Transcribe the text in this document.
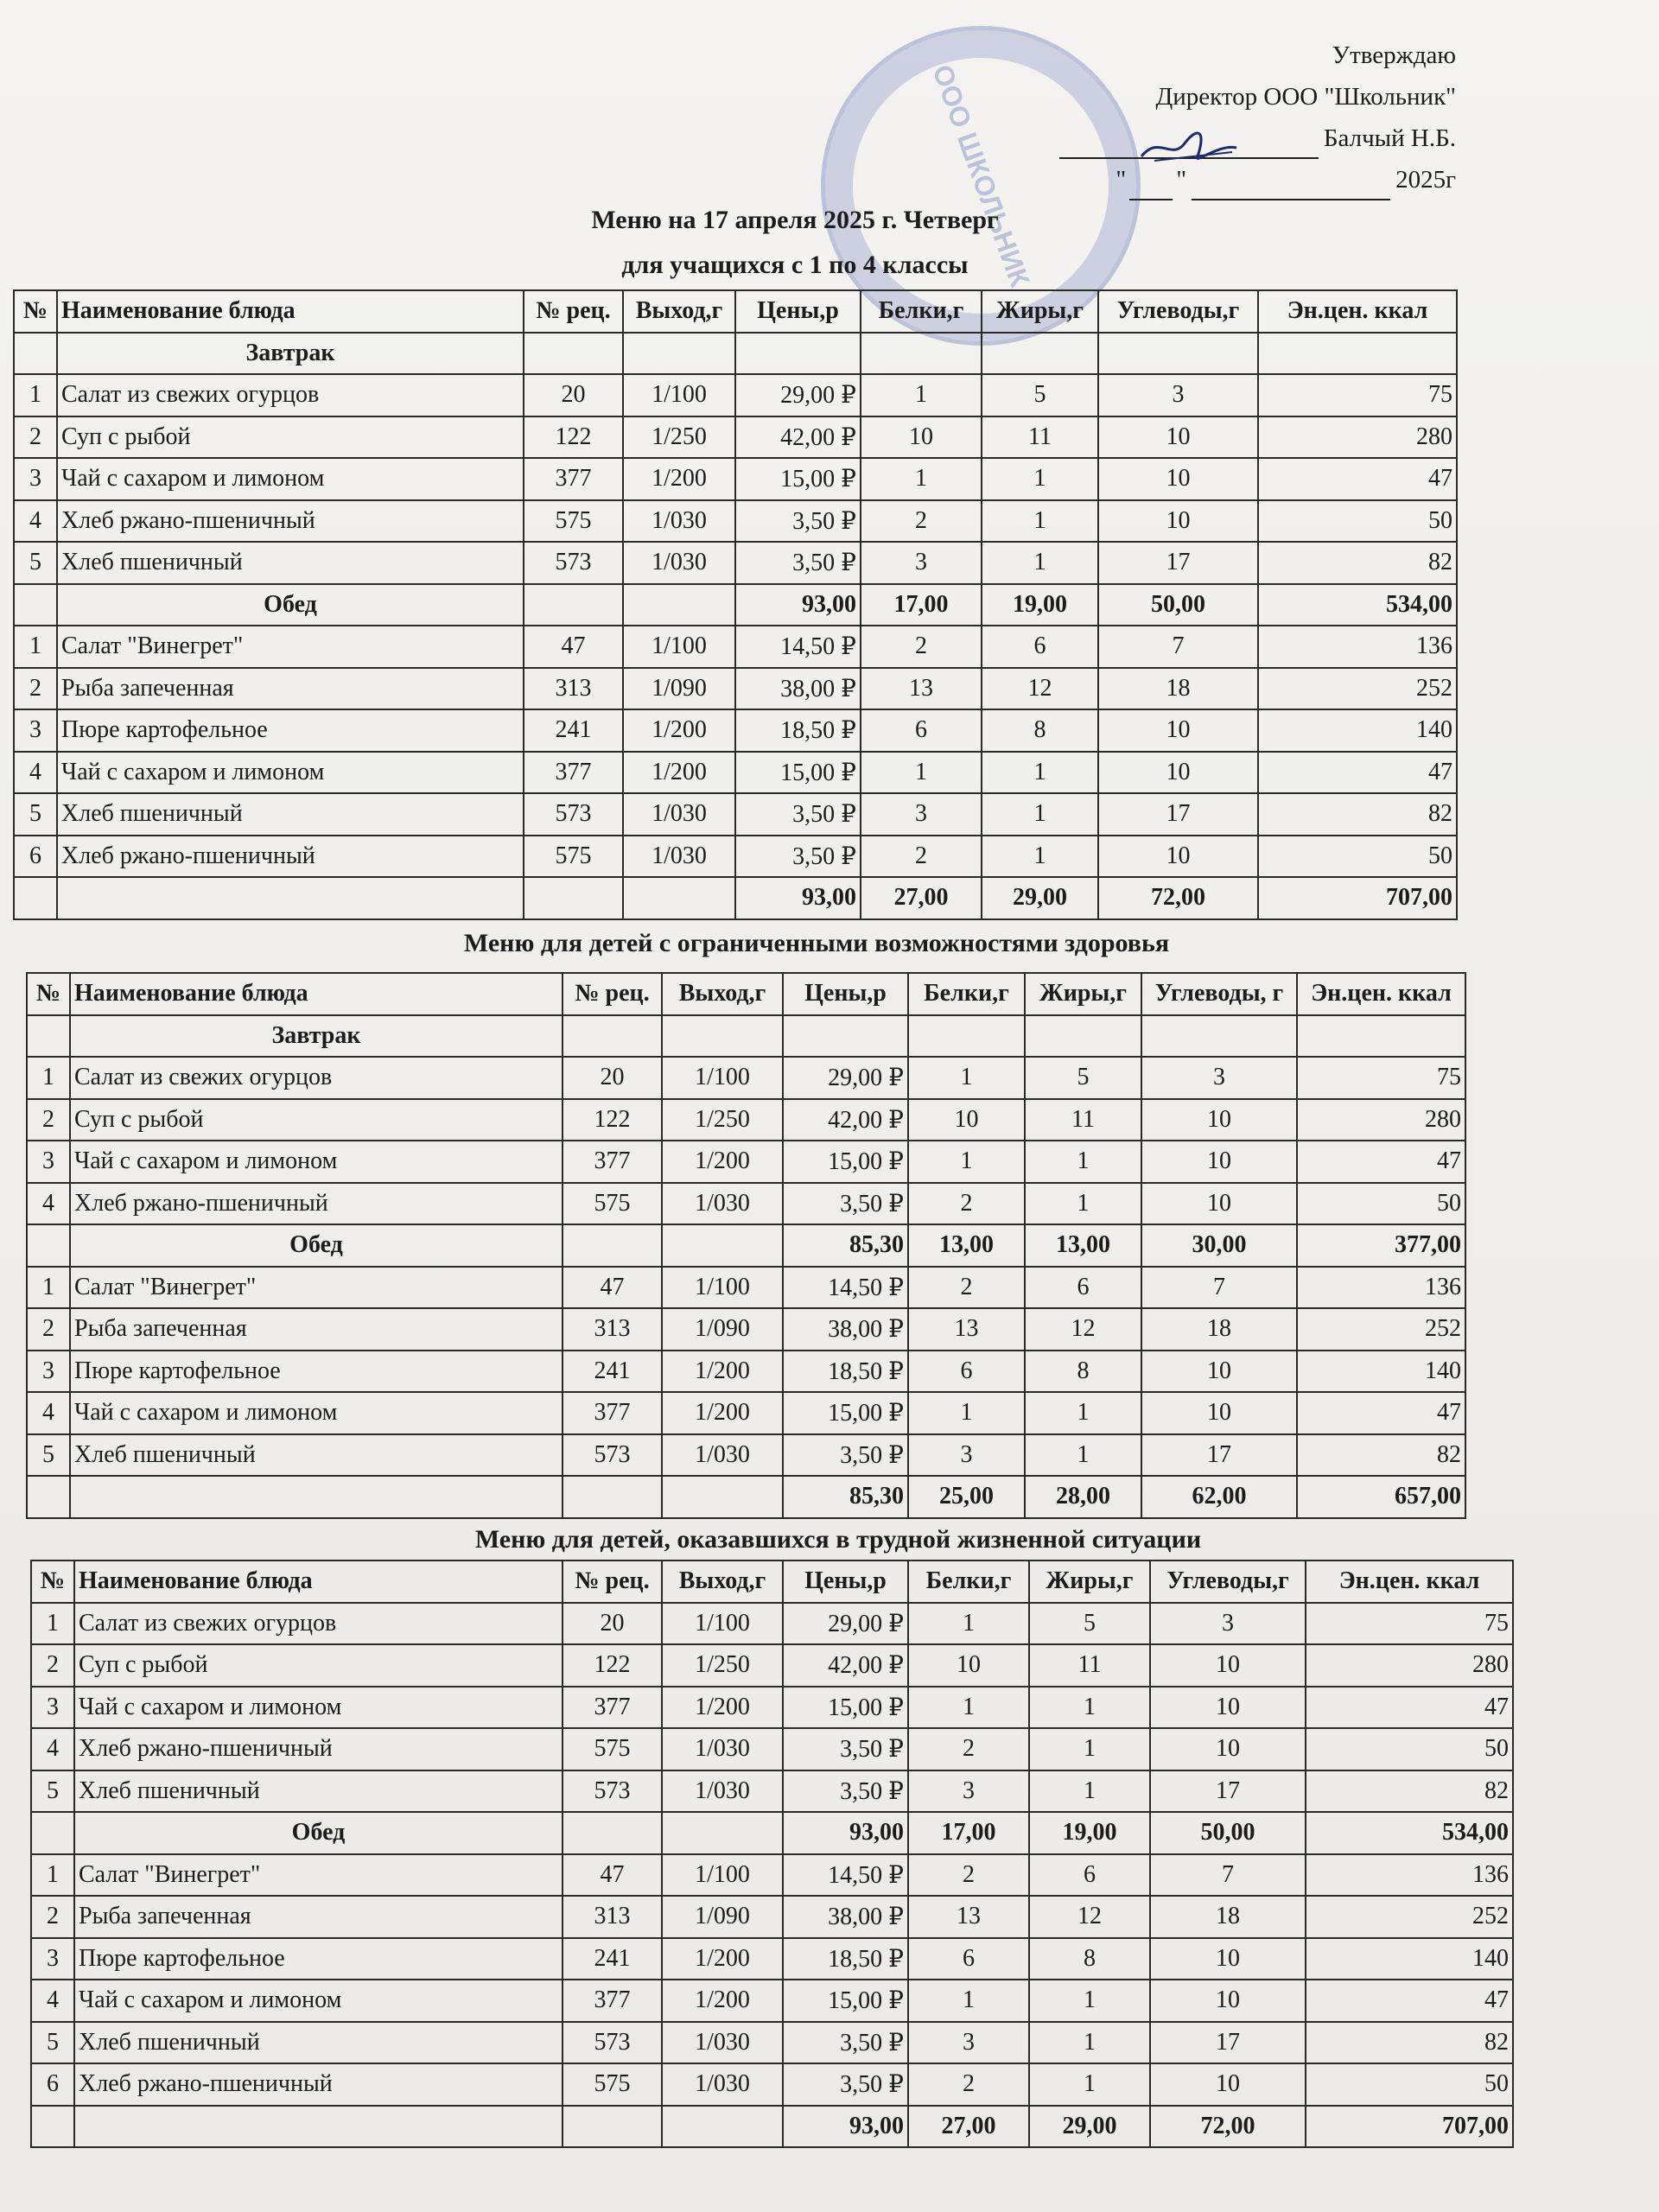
ООО ШКОЛЬНИК
Утверждаю
Директор ООО "Школьник"
Балчый Н.Б.
" "	2025г
Меню на 17 апреля 2025 г. Четверг
для учащихся с 1 по 4 классы
№	Наименование блюда	№ рец.	Выход,г	Цены,р	Белки,г	Жиры,г	Углеводы,г	Эн.цен. ккал
	Завтрак							
1	Салат из свежих огурцов	20	1/100	29,00 ₽	1	5	3	75
2	Суп с рыбой	122	1/250	42,00 ₽	10	11	10	280
3	Чай с сахаром и лимоном	377	1/200	15,00 ₽	1	1	10	47
4	Хлеб ржано-пшеничный	575	1/030	3,50 ₽	2	1	10	50
5	Хлеб пшеничный	573	1/030	3,50 ₽	3	1	17	82
	Обед			93,00	17,00	19,00	50,00	534,00
1	Салат "Винегрет"	47	1/100	14,50 ₽	2	6	7	136
2	Рыба запеченная	313	1/090	38,00 ₽	13	12	18	252
3	Пюре картофельное	241	1/200	18,50 ₽	6	8	10	140
4	Чай с сахаром и лимоном	377	1/200	15,00 ₽	1	1	10	47
5	Хлеб пшеничный	573	1/030	3,50 ₽	3	1	17	82
6	Хлеб ржано-пшеничный	575	1/030	3,50 ₽	2	1	10	50
				93,00	27,00	29,00	72,00	707,00
Меню для детей с ограниченными возможностями здоровья
№	Наименование блюда	№ рец.	Выход,г	Цены,р	Белки,г	Жиры,г	Углеводы, г	Эн.цен. ккал
	Завтрак							
1	Салат из свежих огурцов	20	1/100	29,00 ₽	1	5	3	75
2	Суп с рыбой	122	1/250	42,00 ₽	10	11	10	280
3	Чай с сахаром и лимоном	377	1/200	15,00 ₽	1	1	10	47
4	Хлеб ржано-пшеничный	575	1/030	3,50 ₽	2	1	10	50
	Обед			85,30	13,00	13,00	30,00	377,00
1	Салат "Винегрет"	47	1/100	14,50 ₽	2	6	7	136
2	Рыба запеченная	313	1/090	38,00 ₽	13	12	18	252
3	Пюре картофельное	241	1/200	18,50 ₽	6	8	10	140
4	Чай с сахаром и лимоном	377	1/200	15,00 ₽	1	1	10	47
5	Хлеб пшеничный	573	1/030	3,50 ₽	3	1	17	82
				85,30	25,00	28,00	62,00	657,00
Меню для детей, оказавшихся в трудной жизненной ситуации
№	Наименование блюда	№ рец.	Выход,г	Цены,р	Белки,г	Жиры,г	Углеводы,г	Эн.цен. ккал
1	Салат из свежих огурцов	20	1/100	29,00 ₽	1	5	3	75
2	Суп с рыбой	122	1/250	42,00 ₽	10	11	10	280
3	Чай с сахаром и лимоном	377	1/200	15,00 ₽	1	1	10	47
4	Хлеб ржано-пшеничный	575	1/030	3,50 ₽	2	1	10	50
5	Хлеб пшеничный	573	1/030	3,50 ₽	3	1	17	82
	Обед			93,00	17,00	19,00	50,00	534,00
1	Салат "Винегрет"	47	1/100	14,50 ₽	2	6	7	136
2	Рыба запеченная	313	1/090	38,00 ₽	13	12	18	252
3	Пюре картофельное	241	1/200	18,50 ₽	6	8	10	140
4	Чай с сахаром и лимоном	377	1/200	15,00 ₽	1	1	10	47
5	Хлеб пшеничный	573	1/030	3,50 ₽	3	1	17	82
6	Хлеб ржано-пшеничный	575	1/030	3,50 ₽	2	1	10	50
				93,00	27,00	29,00	72,00	707,00
